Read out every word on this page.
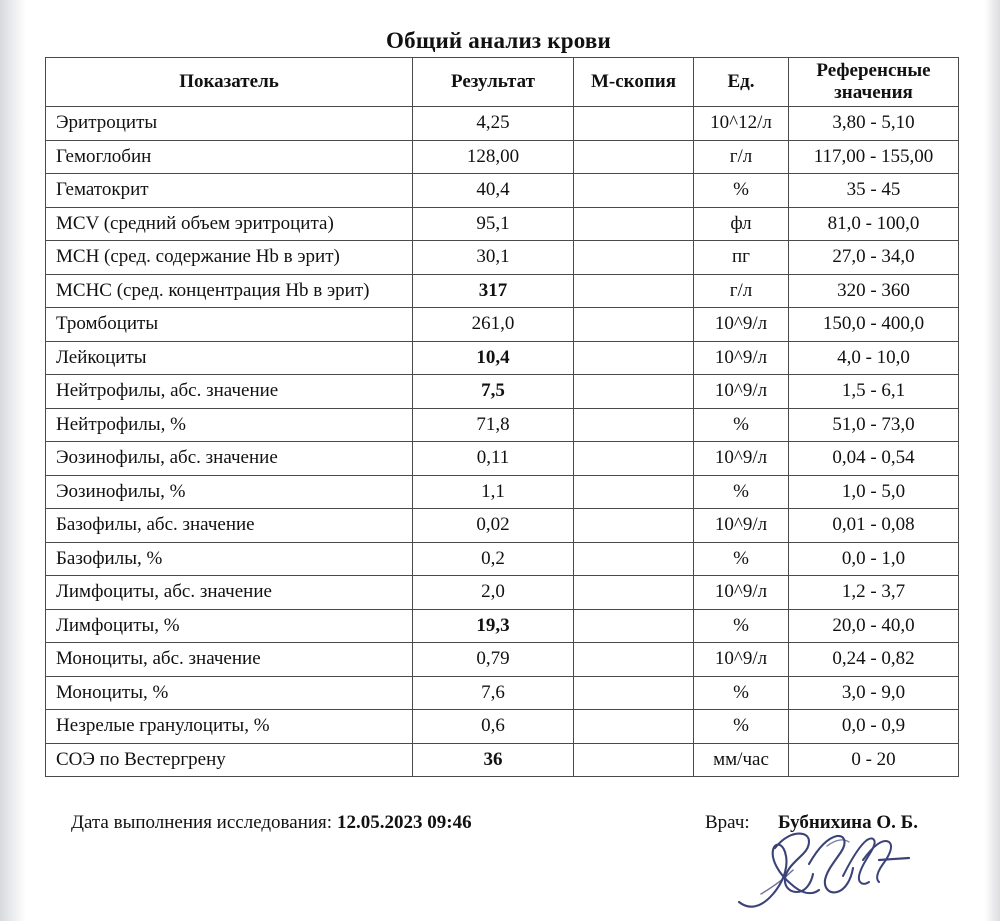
Общий анализ крови
Показатель	Результат	М-скопия	Ед.	Референсные значения
Эритроциты	4,25		10^12/л	3,80 - 5,10
Гемоглобин	128,00		г/л	117,00 - 155,00
Гематокрит	40,4		%	35 - 45
MCV (средний объем эритроцита)	95,1		фл	81,0 - 100,0
MCH (сред. содержание Hb в эрит)	30,1		пг	27,0 - 34,0
MCHC (сред. концентрация Hb в эрит)	317		г/л	320 - 360
Тромбоциты	261,0		10^9/л	150,0 - 400,0
Лейкоциты	10,4		10^9/л	4,0 - 10,0
Нейтрофилы, абс. значение	7,5		10^9/л	1,5 - 6,1
Нейтрофилы, %	71,8		%	51,0 - 73,0
Эозинофилы, абс. значение	0,11		10^9/л	0,04 - 0,54
Эозинофилы, %	1,1		%	1,0 - 5,0
Базофилы, абс. значение	0,02		10^9/л	0,01 - 0,08
Базофилы, %	0,2		%	0,0 - 1,0
Лимфоциты, абс. значение	2,0		10^9/л	1,2 - 3,7
Лимфоциты, %	19,3		%	20,0 - 40,0
Моноциты, абс. значение	0,79		10^9/л	0,24 - 0,82
Моноциты, %	7,6		%	3,0 - 9,0
Незрелые гранулоциты, %	0,6		%	0,0 - 0,9
СОЭ по Вестергрену	36		мм/час	0 - 20
Дата выполнения исследования: 12.05.2023 09:46	Врач: Бубнихина О. Б.
